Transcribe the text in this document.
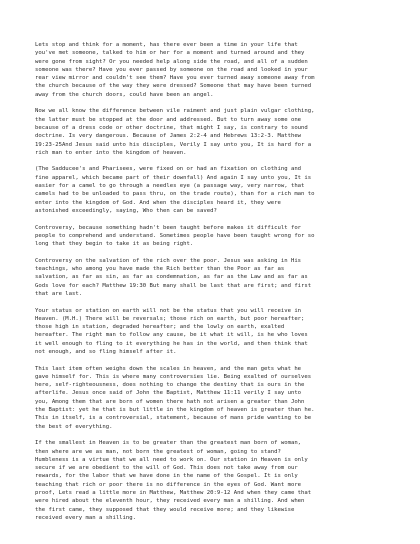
Lets stop and think for a moment, has there ever been a time in your life that
you've met someone, talked to him or her for a moment and turned around and they
were gone from sight? Or you needed help along side the road, and all of a sudden
someone was there? Have you ever passed by someone on the road and looked in your
rear view mirror and couldn't see them? Have you ever turned away someone away from
the church because of the way they were dressed? Someone that may have been turned
away from the church doors, could have been an angel.

Now we all know the difference between vile raiment and just plain vulgar clothing,
the latter must be stopped at the door and addressed. But to turn away some one
because of a dress code or other doctrine, that might I say, is contrary to sound
doctrine. Is very dangerous. Because of James 2:2-4 and Hebrews 13:2-3. Matthew
19:23-25And Jesus said unto his disciples, Verily I say unto you, It is hard for a
rich man to enter into the kingdom of heaven.

(The Sadducee's and Pharisees, were fixed on or had an fixation on clothing and
fine apparel, which became part of their downfall) And again I say unto you, It is
easier for a camel to go through a needles eye (a passage way, very narrow, that
camels had to be unloaded to pass thru, on the trade route), than for a rich man to
enter into the kingdom of God. And when the disciples heard it, they were
astonished exceedingly, saying, Who then can be saved?

Controversy, because something hadn't been taught before makes it difficult for
people to comprehend and understand. Sometimes people have been taught wrong for so
long that they begin to take it as being right.

Controversy on the salvation of the rich over the poor. Jesus was asking in His
teachings, who among you have made the Rich better than the Poor as far as
salvation, as far as sin, as far as condemnation, as far as the Law and as far as
Gods love for each? Matthew 19:30 But many shall be last that are first; and first
that are last.

Your status or station on earth will not be the status that you will receive in
Heaven. (M.H.) There will be reversals; those rich on earth, but poor hereafter;
those high in station, degraded hereafter; and the lowly on earth, exalted
hereafter. The right man to follow any cause, be it what it will, is he who loves
it well enough to fling to it everything he has in the world, and then think that
not enough, and so fling himself after it.

This last item often weighs down the scales in heaven, and the man gets what he
gave himself for. This is where many controversies lie. Being exalted of ourselves
here, self-righteousness, does nothing to change the destiny that is ours in the
afterlife. Jesus once said of John the Baptist, Matthew 11:11 verily I say unto
you, Among them that are born of women there hath not arisen a greater than John
the Baptist: yet he that is but little in the kingdom of heaven is greater than he.
This in itself, is a controversial, statement, because of mans pride wanting to be
the best of everything.

If the smallest in Heaven is to be greater than the greatest man born of woman,
then where are we as man, not born the greatest of woman, going to stand?
Humbleness is a virtue that we all need to work on. Our station in Heaven is only
secure if we are obedient to the will of God. This does not take away from our
rewards, for the labor that we have done in the name of the Gospel. It is only
teaching that rich or poor there is no difference in the eyes of God. Want more
proof, Lets read a little more in Matthew, Matthew 20:9-12 And when they came that
were hired about the eleventh hour, they received every man a shilling. And when
the first came, they supposed that they would receive more; and they likewise
received every man a shilling.
